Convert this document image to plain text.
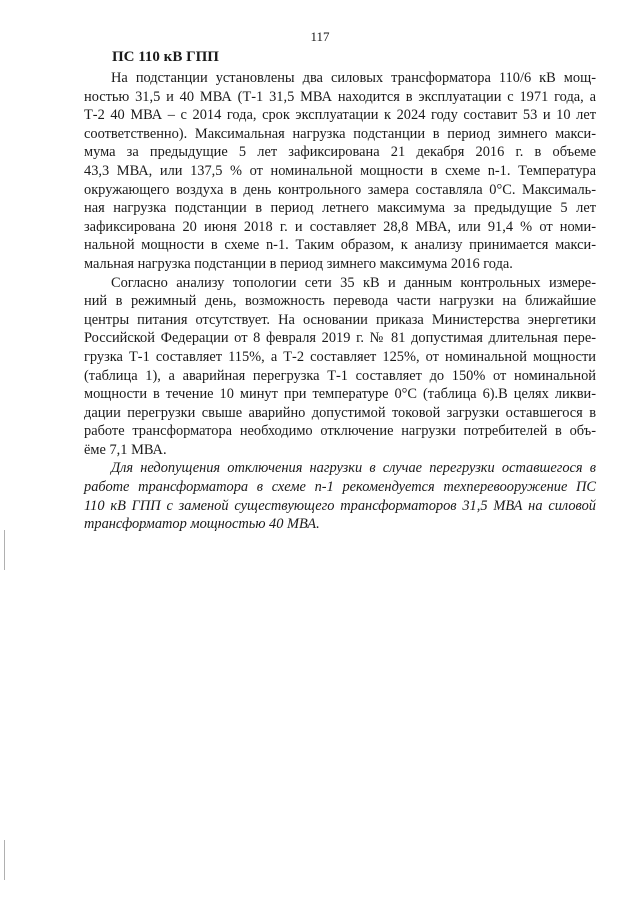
117
ПС 110 кВ ГПП
На подстанции установлены два силовых трансформатора 110/6 кВ мощ-
ностью 31,5 и 40 МВА (Т-1 31,5 МВА находится в эксплуатации с 1971 года, а
Т-2 40 МВА – с 2014 года, срок эксплуатации к 2024 году составит 53 и 10 лет
соответственно). Максимальная нагрузка подстанции в период зимнего макси-
мума за предыдущие 5 лет зафиксирована 21 декабря 2016 г. в объеме
43,3 МВА, или 137,5 % от номинальной мощности в схеме n-1. Температура
окружающего воздуха в день контрольного замера составляла 0°С. Максималь-
ная нагрузка подстанции в период летнего максимума за предыдущие 5 лет
зафиксирована 20 июня 2018 г. и составляет 28,8 МВА, или 91,4 % от номи-
нальной мощности в схеме n-1. Таким образом, к анализу принимается макси-
мальная нагрузка подстанции в период зимнего максимума 2016 года.
Согласно анализу топологии сети 35 кВ и данным контрольных измере-
ний в режимный день, возможность перевода части нагрузки на ближайшие
центры питания отсутствует. На основании приказа Министерства энергетики
Российской Федерации от 8 февраля 2019 г. № 81 допустимая длительная пере-
грузка Т-1 составляет 115%, а Т-2 составляет 125%, от номинальной мощности
(таблица 1), а аварийная перегрузка Т-1 составляет до 150% от номинальной
мощности в течение 10 минут при температуре 0°С (таблица 6).В целях ликви-
дации перегрузки свыше аварийно допустимой токовой загрузки оставшегося в
работе трансформатора необходимо отключение нагрузки потребителей в объ-
ёме 7,1 МВА.
Для недопущения отключения нагрузки в случае перегрузки оставшегося в
работе трансформатора в схеме n-1 рекомендуется техперевооружение ПС
110 кВ ГПП с заменой существующего трансформаторов 31,5 МВА на силовой
трансформатор мощностью 40 МВА.
